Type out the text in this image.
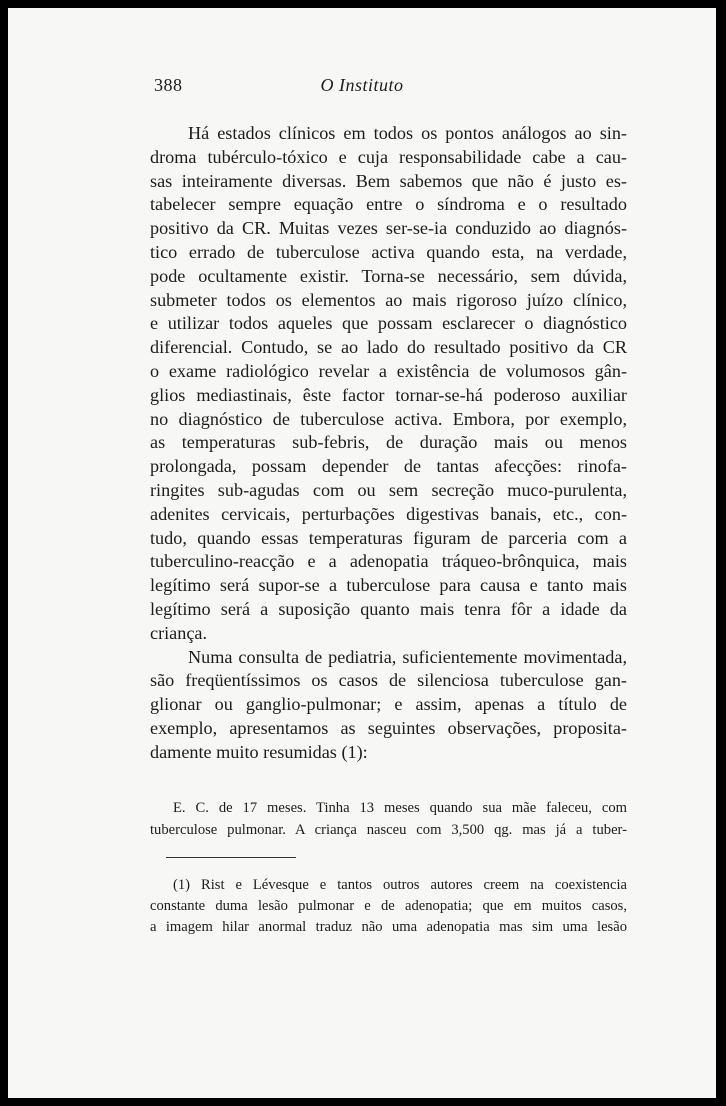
388	O Instituto
Há estados clínicos em todos os pontos análogos ao sin-
droma tubérculo-tóxico e cuja responsabilidade cabe a cau-
sas inteiramente diversas. Bem sabemos que não é justo es-
tabelecer sempre equação entre o síndroma e o resultado
positivo da CR. Muitas vezes ser-se-ia conduzido ao diagnós-
tico errado de tuberculose activa quando esta, na verdade,
pode ocultamente existir. Torna-se necessário, sem dúvida,
submeter todos os elementos ao mais rigoroso juízo clínico,
e utilizar todos aqueles que possam esclarecer o diagnóstico
diferencial. Contudo, se ao lado do resultado positivo da CR
o exame radiológico revelar a existência de volumosos gân-
glios mediastinais, êste factor tornar-se-há poderoso auxiliar
no diagnóstico de tuberculose activa. Embora, por exemplo,
as temperaturas sub-febris, de duração mais ou menos
prolongada, possam depender de tantas afecções: rinofa-
ringites sub-agudas com ou sem secreção muco-purulenta,
adenites cervicais, perturbações digestivas banais, etc., con-
tudo, quando essas temperaturas figuram de parceria com a
tuberculino-reacção e a adenopatia tráqueo-brônquica, mais
legítimo será supor-se a tuberculose para causa e tanto mais
legítimo será a suposição quanto mais tenra fôr a idade da
criança.
Numa consulta de pediatria, suficientemente movimentada,
são freqüentíssimos os casos de silenciosa tuberculose gan-
glionar ou ganglio-pulmonar; e assim, apenas a título de
exemplo, apresentamos as seguintes observações, proposita-
damente muito resumidas (1):
E. C. de 17 meses. Tinha 13 meses quando sua mãe faleceu, com
tuberculose pulmonar. A criança nasceu com 3,500 qg. mas já a tuber-
(1) Rist e Lévesque e tantos outros autores creem na coexistencia
constante duma lesão pulmonar e de adenopatia; que em muitos casos,
a imagem hilar anormal traduz não uma adenopatia mas sim uma lesão
